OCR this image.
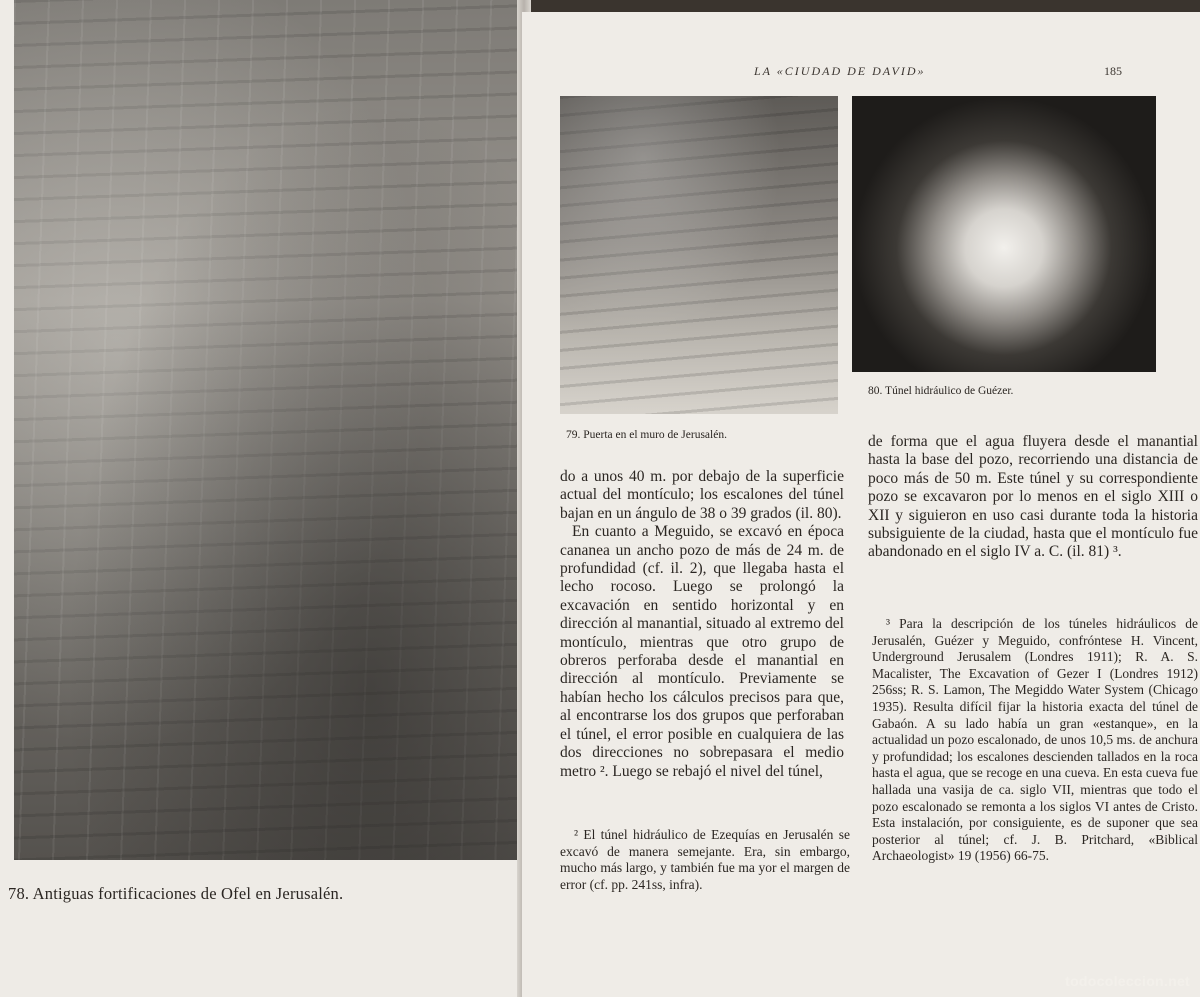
78. Antiguas fortificaciones de Ofel en Jerusalén.
LA «CIUDAD DE DAVID»	185
79. Puerta en el muro de Jerusalén.
80. Túnel hidráulico de Guézer.

do a unos 40 m. por debajo de la superficie actual del montículo; los escalones del túnel bajan en un ángulo de 38 o 39 grados (il. 80).

En cuanto a Meguido, se excavó en época cananea un ancho pozo de más de 24 m. de profundidad (cf. il. 2), que llegaba hasta el lecho rocoso. Luego se prolongó la excavación en sentido horizontal y en dirección al manantial, situado al extremo del montículo, mientras que otro grupo de obreros perforaba desde el manantial en dirección al montículo. Previamente se habían hecho los cálculos precisos para que, al encontrarse los dos grupos que perforaban el túnel, el error posible en cualquiera de las dos direcciones no sobrepasara el medio metro ². Luego se rebajó el nivel del túnel,

² El túnel hidráulico de Ezequías en Jerusalén se excavó de manera semejante. Era, sin embargo, mucho más largo, y también fue ma yor el margen de error (cf. pp. 241ss, infra).

de forma que el agua fluyera desde el manantial hasta la base del pozo, recorriendo una distancia de poco más de 50 m. Este túnel y su correspondiente pozo se excavaron por lo menos en el siglo XIII o XII y siguieron en uso casi durante toda la historia subsiguiente de la ciudad, hasta que el montículo fue abandonado en el siglo IV a. C. (il. 81) ³.

³ Para la descripción de los túneles hidráulicos de Jerusalén, Guézer y Meguido, confróntese H. Vincent, Underground Jerusalem (Londres 1911); R. A. S. Macalister, The Excavation of Gezer I (Londres 1912) 256ss; R. S. Lamon, The Megiddo Water System (Chicago 1935). Resulta difícil fijar la historia exacta del túnel de Gabaón. A su lado había un gran «estanque», en la actualidad un pozo escalonado, de unos 10,5 ms. de anchura y profundidad; los escalones descienden tallados en la roca hasta el agua, que se recoge en una cueva. En esta cueva fue hallada una vasija de ca. siglo VII, mientras que todo el pozo escalonado se remonta a los siglos VI antes de Cristo. Esta instalación, por consiguiente, es de suponer que sea posterior al túnel; cf. J. B. Pritchard, «Biblical Archaeologist» 19 (1956) 66-75.

todocoleccion.net
